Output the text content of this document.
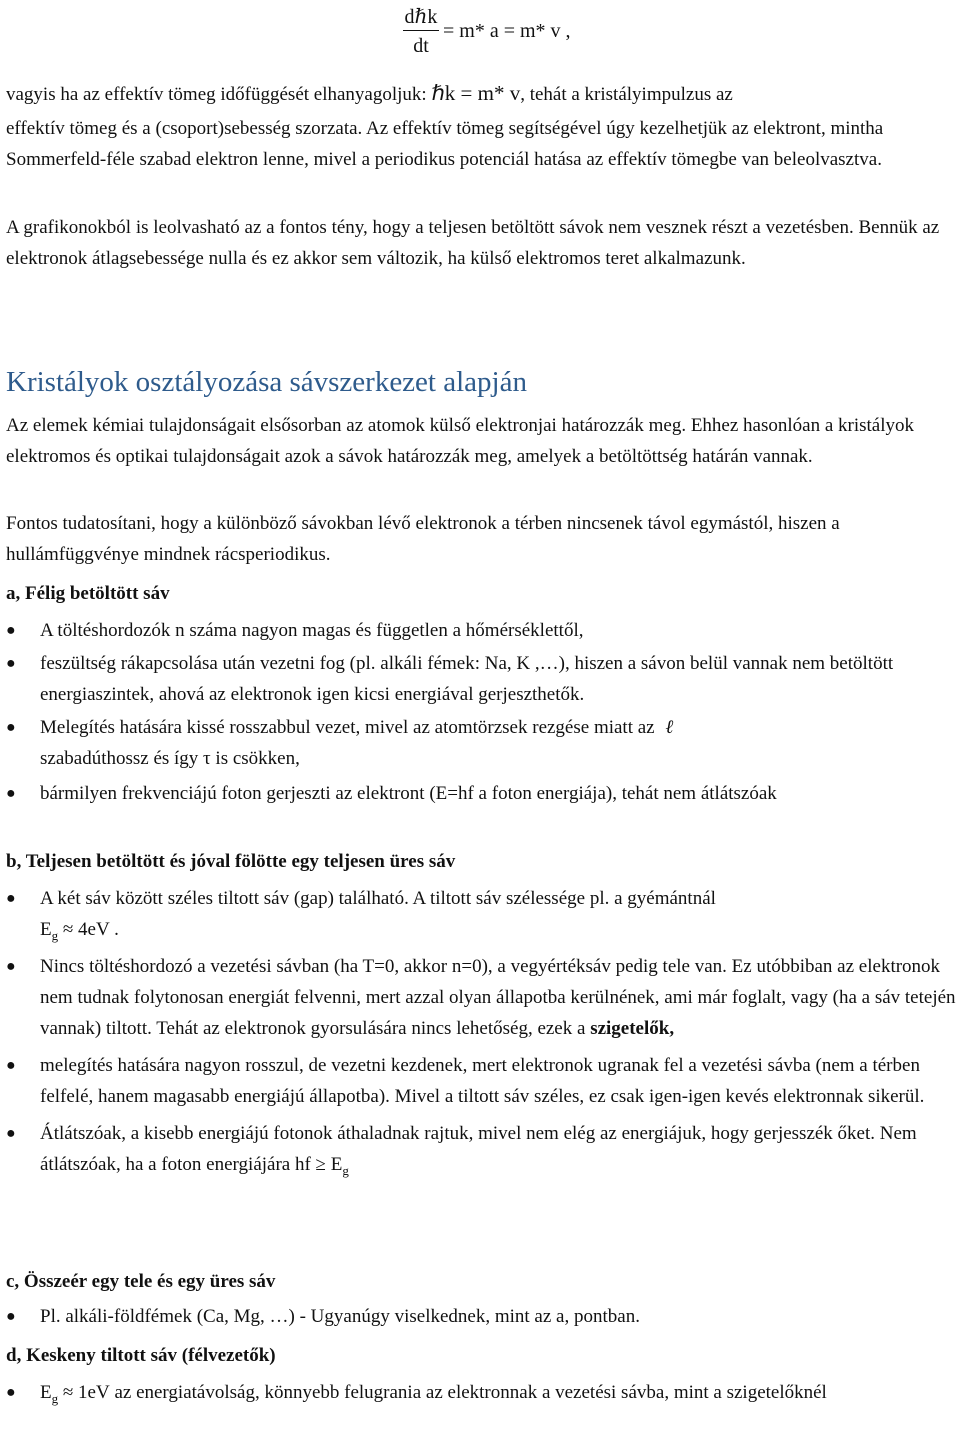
dℏk
dt
= m* a = m* v ,

vagyis ha az effektív tömeg időfüggését elhanyagoljuk: ℏk = m* v, tehát a kristályimpulzus az

effektív tömeg és a (csoport)sebesség szorzata. Az effektív tömeg segítségével úgy kezelhetjük az elektront, mintha Sommerfeld-féle szabad elektron lenne, mivel a periodikus potenciál hatása az effektív tömegbe van beleolvasztva.

A grafikonokból is leolvasható az a fontos tény, hogy a teljesen betöltött sávok nem vesznek részt a vezetésben. Bennük az elektronok átlagsebessége nulla és ez akkor sem változik, ha külső elektromos teret alkalmazunk.

Kristályok osztályozása sávszerkezet alapján

Az elemek kémiai tulajdonságait elsősorban az atomok külső elektronjai határozzák meg. Ehhez hasonlóan a kristályok elektromos és optikai tulajdonságait azok a sávok határozzák meg, amelyek a betöltöttség határán vannak.

Fontos tudatosítani, hogy a különböző sávokban lévő elektronok a térben nincsenek távol egymástól, hiszen a hullámfüggvénye mindnek rácsperiodikus.

a, Félig betöltött sáv

● A töltéshordozók n száma nagyon magas és független a hőmérséklettől,
● feszültség rákapcsolása után vezetni fog (pl. alkáli fémek: Na, K ,…), hiszen a sávon belül vannak nem betöltött energiaszintek, ahová az elektronok igen kicsi energiával gerjeszthetők.
● Melegítés hatására kissé rosszabbul vezet, mivel az atomtörzsek rezgése miatt az ℓ
szabadúthossz és így τ is csökken,
● bármilyen frekvenciájú foton gerjeszti az elektront (E=hf a foton energiája), tehát nem átlátszóak

b, Teljesen betöltött és jóval fölötte egy teljesen üres sáv

● A két sáv között széles tiltott sáv (gap) található. A tiltott sáv szélessége pl. a gyémántnál
$E_g \approx 4eV$ .
● Nincs töltéshordozó a vezetési sávban (ha T=0, akkor n=0), a vegyértéksáv pedig tele van. Ez utóbbiban az elektronok nem tudnak folytonosan energiát felvenni, mert azzal olyan állapotba kerülnének, ami már foglalt, vagy (ha a sáv tetején vannak) tiltott. Tehát az elektronok gyorsulására nincs lehetőség, ezek a szigetelők,
● melegítés hatására nagyon rosszul, de vezetni kezdenek, mert elektronok ugranak fel a vezetési sávba (nem a térben felfelé, hanem magasabb energiájú állapotba). Mivel a tiltott sáv széles, ez csak igen-igen kevés elektronnak sikerül.
● Átlátszóak, a kisebb energiájú fotonok áthaladnak rajtuk, mivel nem elég az energiájuk, hogy gerjesszék őket. Nem átlátszóak, ha a foton energiájára hf ≥ $E_g$

c, Összeér egy tele és egy üres sáv

● Pl. alkáli-földfémek (Ca, Mg, …) - Ugyanúgy viselkednek, mint az a, pontban.

d, Keskeny tiltott sáv (félvezetők)

● $E_g \approx 1eV$ az energiatávolság, könnyebb felugrania az elektronnak a vezetési sávba, mint a szigetelőknél
